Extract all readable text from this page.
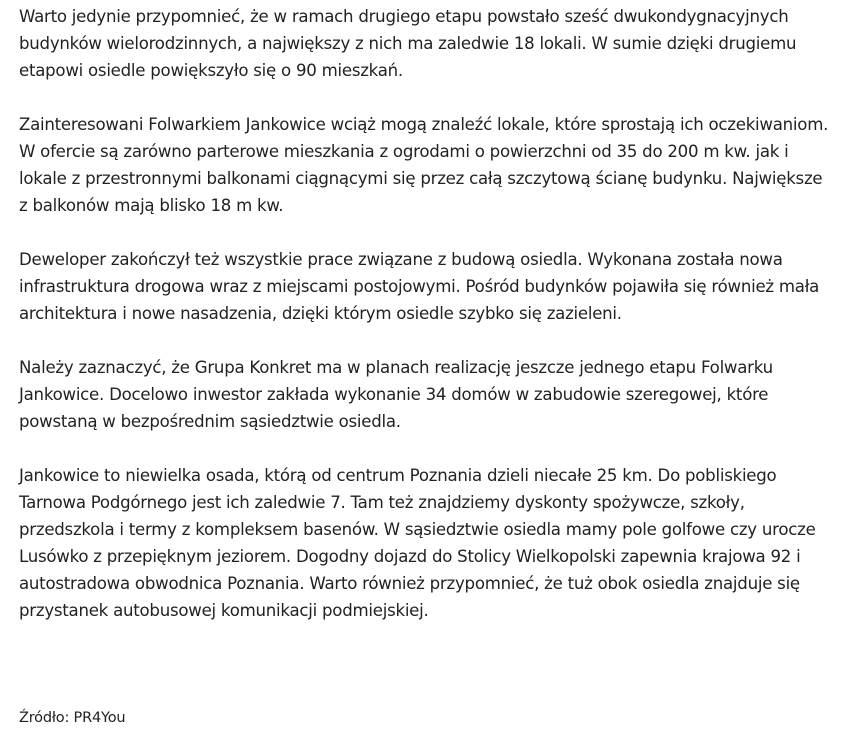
Warto jedynie przypomnieć, że w ramach drugiego etapu powstało sześć dwukondygnacyjnych budynków wielorodzinnych, a największy z nich ma zaledwie 18 lokali. W sumie dzięki drugiemu etapowi osiedle powiększyło się o 90 mieszkań.

Zainteresowani Folwarkiem Jankowice wciąż mogą znaleźć lokale, które sprostają ich oczekiwaniom. W ofercie są zarówno parterowe mieszkania z ogrodami o powierzchni od 35 do 200 m kw. jak i lokale z przestronnymi balkonami ciągnącymi się przez całą szczytową ścianę budynku. Największe z balkonów mają blisko 18 m kw.

Deweloper zakończył też wszystkie prace związane z budową osiedla. Wykonana została nowa infrastruktura drogowa wraz z miejscami postojowymi. Pośród budynków pojawiła się również mała architektura i nowe nasadzenia, dzięki którym osiedle szybko się zazieleni.

Należy zaznaczyć, że Grupa Konkret ma w planach realizację jeszcze jednego etapu Folwarku Jankowice. Docelowo inwestor zakłada wykonanie 34 domów w zabudowie szeregowej, które powstaną w bezpośrednim sąsiedztwie osiedla.

Jankowice to niewielka osada, którą od centrum Poznania dzieli niecałe 25 km. Do pobliskiego Tarnowa Podgórnego jest ich zaledwie 7. Tam też znajdziemy dyskonty spożywcze, szkoły, przedszkola i termy z kompleksem basenów. W sąsiedztwie osiedla mamy pole golfowe czy urocze Lusówko z przepięknym jeziorem. Dogodny dojazd do Stolicy Wielkopolski zapewnia krajowa 92 i autostradowa obwodnica Poznania. Warto również przypomnieć, że tuż obok osiedla znajduje się przystanek autobusowej komunikacji podmiejskiej.

Źródło: PR4You
